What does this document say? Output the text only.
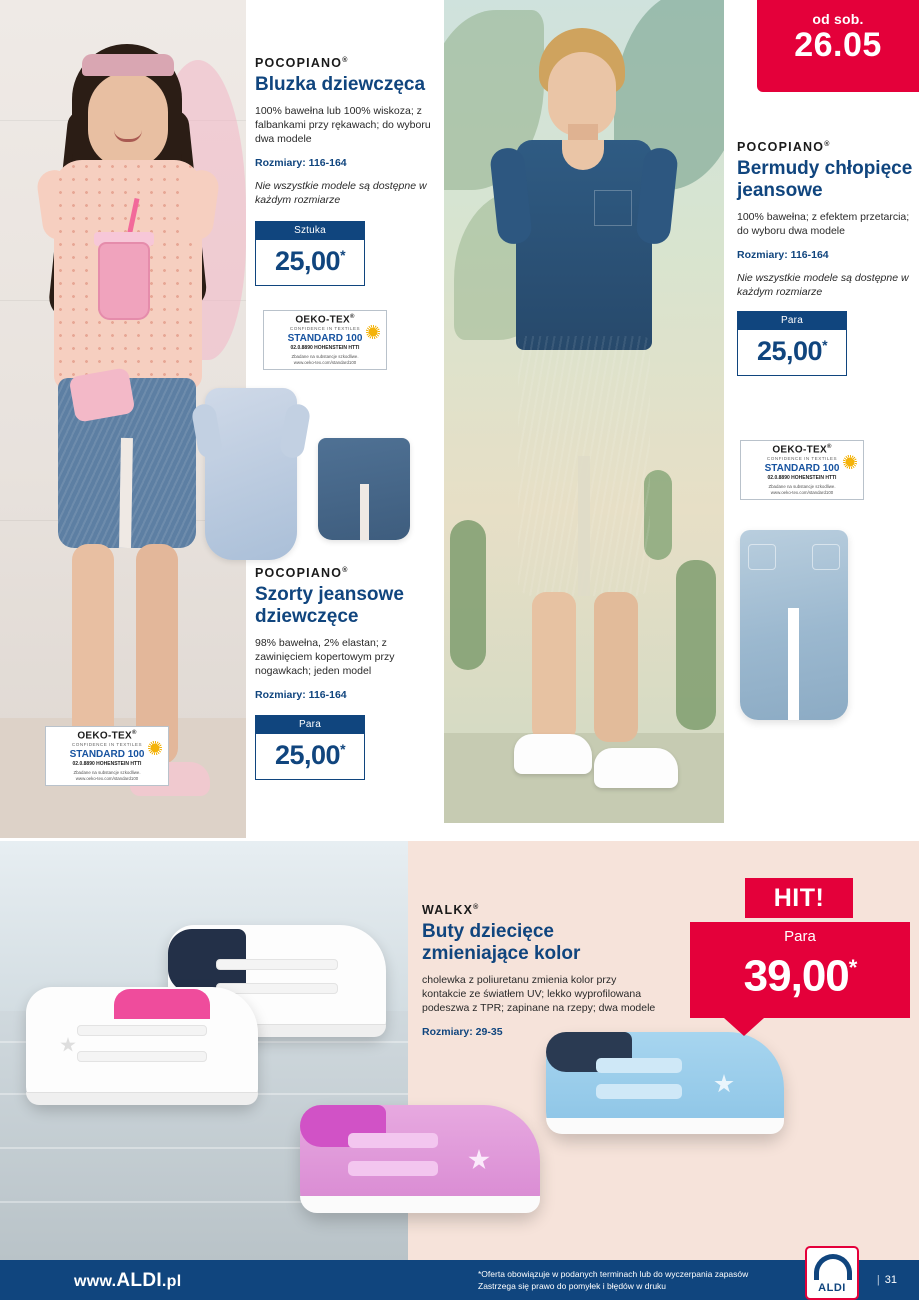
POCOPIANO®
Bluzka dziewczęca
100% bawełna lub 100% wiskoza; z falbankami przy rękawach; do wyboru dwa modele
Rozmiary: 116-164
Nie wszystkie modele są dostępne w każdym rozmiarze
Sztuka
25,00*
OEKO-TEX®
CONFIDENCE IN TEXTILES
STANDARD 100
02.0.8890 HOHENSTEIN HTTI
Zbadane na substancje szkodliwe.
www.oeko-tex.com/standard100
POCOPIANO®
Szorty jeansowe dziewczęce
98% bawełna, 2% elastan; z zawinięciem kopertowym przy nogawkach; jeden model
Rozmiary: 116-164
Para
25,00*
OEKO-TEX®
CONFIDENCE IN TEXTILES
STANDARD 100
02.0.8890 HOHENSTEIN HTTI
Zbadane na substancje szkodliwe.
www.oeko-tex.com/standard100
od sob.
26.05
POCOPIANO®
Bermudy chłopięce jeansowe
100% bawełna; z efektem przetarcia; do wyboru dwa modele
Rozmiary: 116-164
Nie wszystkie modele są dostępne w każdym rozmiarze
Para
25,00*
OEKO-TEX®
CONFIDENCE IN TEXTILES
STANDARD 100
02.0.8890 HOHENSTEIN HTTI
Zbadane na substancje szkodliwe.
www.oeko-tex.com/standard100
WALKX®
Buty dziecięce zmieniające kolor
cholewka z poliuretanu zmienia kolor przy kontakcie ze światłem UV; lekko wyprofilowana podeszwa z TPR; zapinane na rzepy; dwa modele
Rozmiary: 29-35
HIT!
Para
39,00*
www.ALDI.pl	*Oferta obowiązuje w podanych terminach lub do wyczerpania zapasów
Zastrzega się prawo do pomyłek i błędów w druku	ALDI
| 31
